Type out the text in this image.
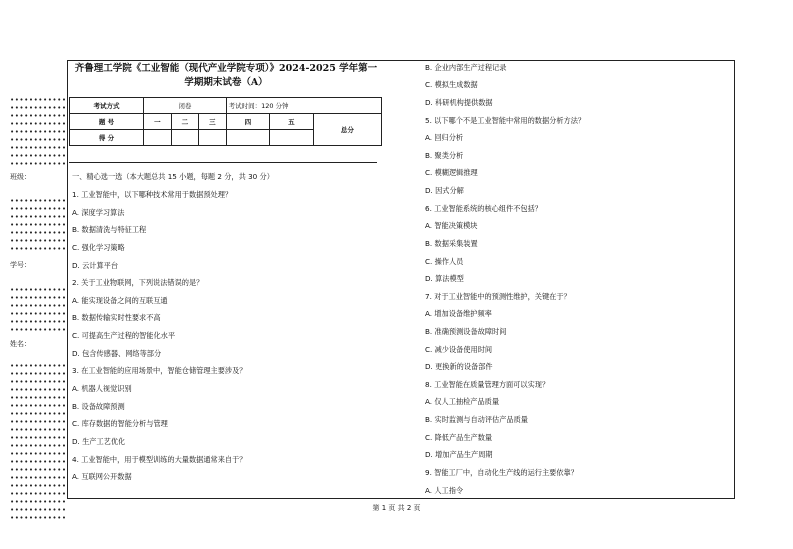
••••••••••••
••••••••••••
••••••••••••
••••••••••••
••••••••••••
••••••••••••
••••••••••••
••••••••••••
••••••••••••
班级：
••••••••••••
••••••••••••
••••••••••••
••••••••••••
••••••••••••
••••••••••••
••••••••••••
学号：
••••••••••••
••••••••••••
••••••••••••
••••••••••••
••••••••••••
••••••••••••
姓名：
••••••••••••
••••••••••••
••••••••••••
••••••••••••
••••••••••••
••••••••••••
••••••••••••
••••••••••••
••••••••••••
••••••••••••
••••••••••••
••••••••••••
••••••••••••
••••••••••••
••••••••••••
••••••••••••
••••••••••••
••••••••••••
••••••••••••
••••••••••••
齐鲁理工学院《工业智能（现代产业学院专项）》2024-2025 学年第一
学期期末试卷（A）
考试方式	闭卷			考试时间：120 分钟		
题 号	一	二	三	四	五	总分
得 分						
一、精心选一选（本大题总共 15 小题，每题 2 分，共 30 分）
1. 工业智能中，以下哪种技术常用于数据预处理？
A. 深度学习算法
B. 数据清洗与特征工程
C. 强化学习策略
D. 云计算平台
2. 关于工业物联网，下列说法错误的是？
A. 能实现设备之间的互联互通
B. 数据传输实时性要求不高
C. 可提高生产过程的智能化水平
D. 包含传感器、网络等部分
3. 在工业智能的应用场景中，智能仓储管理主要涉及？
A. 机器人视觉识别
B. 设备故障预测
C. 库存数据的智能分析与管理
D. 生产工艺优化
4. 工业智能中，用于模型训练的大量数据通常来自于？
A. 互联网公开数据
B. 企业内部生产过程记录
C. 模拟生成数据
D. 科研机构提供数据
5. 以下哪个不是工业智能中常用的数据分析方法？
A. 回归分析
B. 聚类分析
C. 模糊逻辑推理
D. 因式分解
6. 工业智能系统的核心组件不包括？
A. 智能决策模块
B. 数据采集装置
C. 操作人员
D. 算法模型
7. 对于工业智能中的预测性维护，关键在于？
A. 增加设备维护频率
B. 准确预测设备故障时间
C. 减少设备使用时间
D. 更换新的设备部件
8. 工业智能在质量管理方面可以实现？
A. 仅人工抽检产品质量
B. 实时监测与自动评估产品质量
C. 降低产品生产数量
D. 增加产品生产周期
9. 智能工厂中，自动化生产线的运行主要依靠？
A. 人工指令
第 1 页 共 2 页
